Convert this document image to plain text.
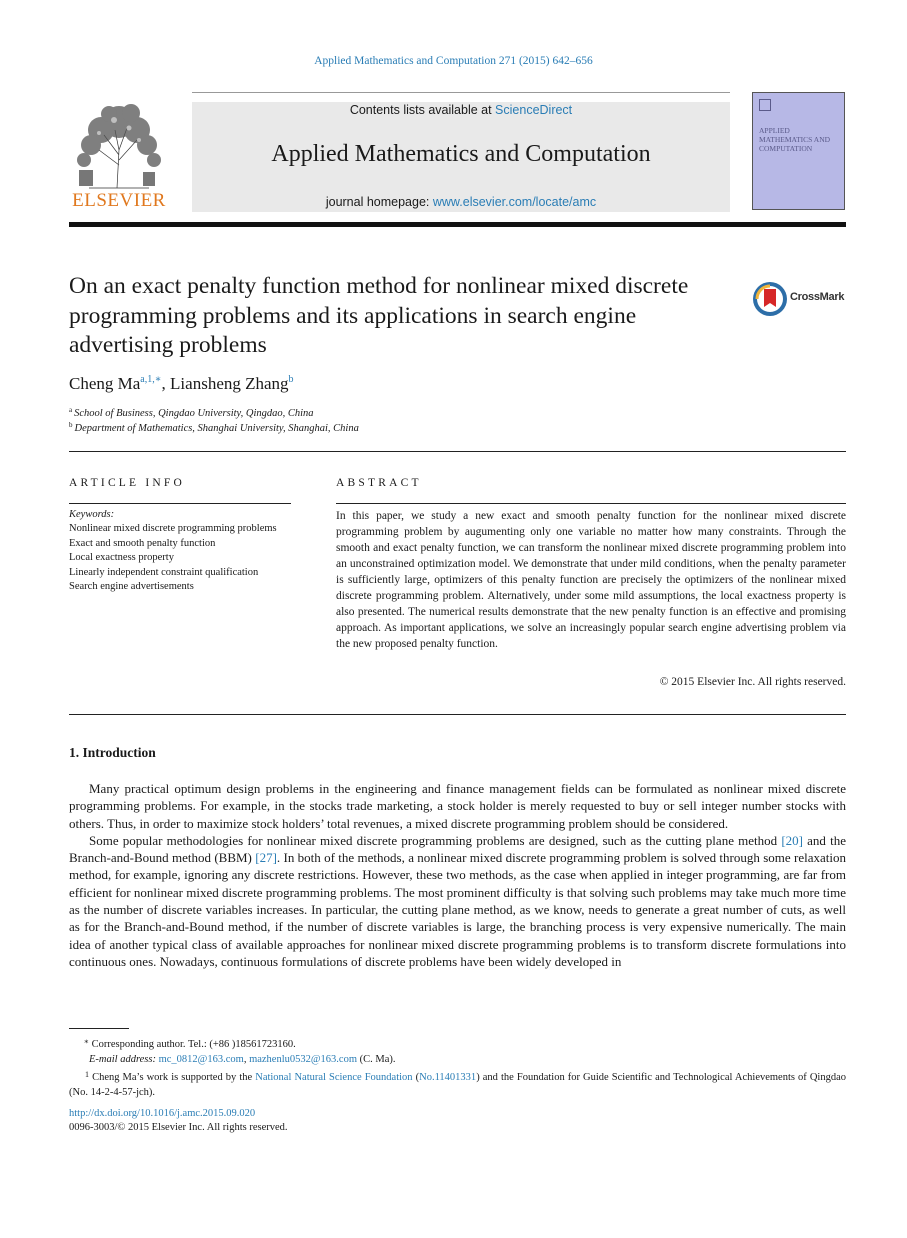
Applied Mathematics and Computation 271 (2015) 642–656
ELSEVIER
Contents lists available at ScienceDirect
Applied Mathematics and Computation
journal homepage: www.elsevier.com/locate/amc
APPLIED MATHEMATICS AND COMPUTATION
On an exact penalty function method for nonlinear mixed discrete programming problems and its applications in search engine advertising problems
CrossMark
Cheng $Ma^{a,1,∗}$, Liansheng Zhang$^b$
$^a$ School of Business, Qingdao University, Qingdao, China
$^b$ Department of Mathematics, Shanghai University, Shanghai, China
ARTICLE INFO
Keywords:
Nonlinear mixed discrete programming problems
Exact and smooth penalty function
Local exactness property
Linearly independent constraint qualification
Search engine advertisements
ABSTRACT
In this paper, we study a new exact and smooth penalty function for the nonlinear mixed discrete programming problem by augumenting only one variable no matter how many constraints. Through the smooth and exact penalty function, we can transform the nonlinear mixed discrete programming problem into an unconstrained optimization model. We demonstrate that under mild conditions, when the penalty parameter is sufficiently large, optimizers of this penalty function are precisely the optimizers of the nonlinear mixed discrete programming problem. Alternatively, under some mild assumptions, the local exactness property is also presented. The numerical results demonstrate that the new penalty function is an effective and promising approach. As important applications, we solve an increasingly popular search engine advertising problem via the new proposed penalty function.
© 2015 Elsevier Inc. All rights reserved.
1. Introduction

Many practical optimum design problems in the engineering and finance management fields can be formulated as nonlinear mixed discrete programming problems. For example, in the stocks trade marketing, a stock holder is merely requested to buy or sell integer number stocks with others. Thus, in order to maximize stock holders’ total revenues, a mixed discrete programming problem should be considered.

Some popular methodologies for nonlinear mixed discrete programming problems are designed, such as the cutting plane method [20] and the Branch-and-Bound method (BBM) [27]. In both of the methods, a nonlinear mixed discrete programming problem is solved through some relaxation method, for example, ignoring any discrete restrictions. However, these two methods, as the case when applied in integer programming, are far from efficient for nonlinear mixed discrete programming problems. The most prominent difficulty is that solving such problems may take much more time as the number of discrete variables increases. In particular, the cutting plane method, as we know, needs to generate a great number of cuts, as well as for the Branch-and-Bound method, if the number of discrete variables is large, the branching process is very expensive numerically. The main idea of another typical class of available approaches for nonlinear mixed discrete programming problems is to transform discrete formulations into continuous ones. Nowadays, continuous formulations of discrete problems have been widely developed in

∗ Corresponding author. Tel.: (+86 )18561723160.
E-mail address: mc_0812@163.com, mazhenlu0532@163.com (C. Ma).
1 Cheng Ma’s work is supported by the National Natural Science Foundation (No.11401331) and the Foundation for Guide Scientific and Technological Achievements of Qingdao (No. 14-2-4-57-jch).
http://dx.doi.org/10.1016/j.amc.2015.09.020
0096-3003/© 2015 Elsevier Inc. All rights reserved.
